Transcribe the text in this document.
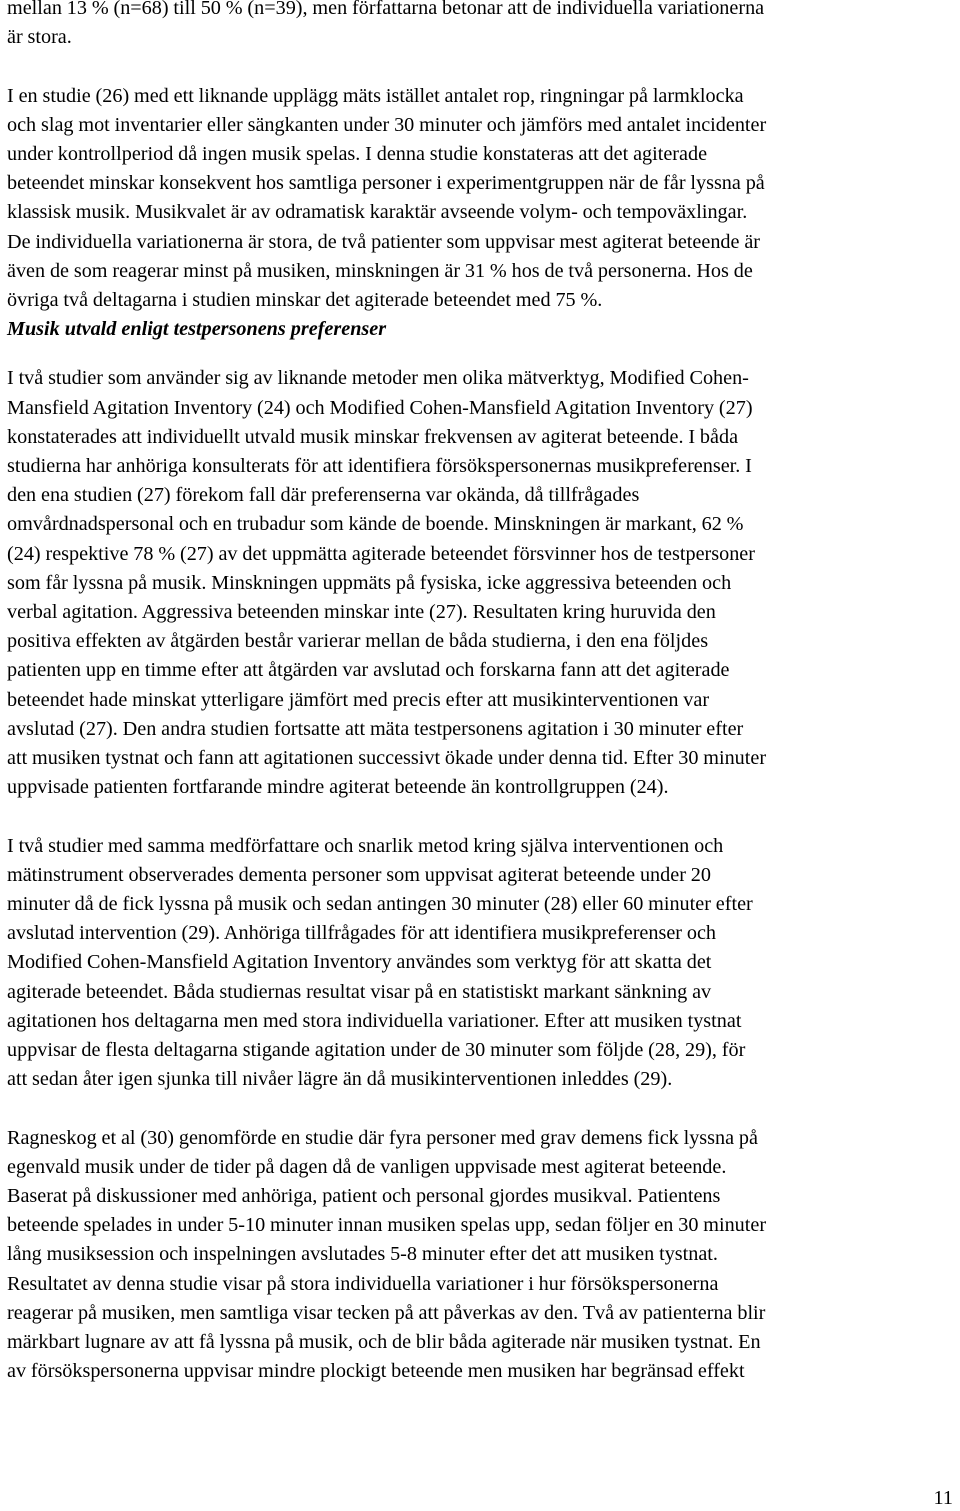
mellan 13 % (n=68) till 50 % (n=39), men författarna betonar att de individuella variationerna
är stora.

I en studie (26) med ett liknande upplägg mäts istället antalet rop, ringningar på larmklocka
och slag mot inventarier eller sängkanten under 30 minuter och jämförs med antalet incidenter
under kontrollperiod då ingen musik spelas. I denna studie konstateras att det agiterade
beteendet minskar konsekvent hos samtliga personer i experimentgruppen när de får lyssna på
klassisk musik. Musikvalet är av odramatisk karaktär avseende volym- och tempoväxlingar.
De individuella variationerna är stora, de två patienter som uppvisar mest agiterat beteende är
även de som reagerar minst på musiken, minskningen är 31 % hos de två personerna. Hos de
övriga två deltagarna i studien minskar det agiterade beteendet med 75 %.

Musik utvald enligt testpersonens preferenser

I två studier som använder sig av liknande metoder men olika mätverktyg, Modified Cohen-
Mansfield Agitation Inventory (24) och Modified Cohen-Mansfield Agitation Inventory (27)
konstaterades att individuellt utvald musik minskar frekvensen av agiterat beteende. I båda
studierna har anhöriga konsulterats för att identifiera försökspersonernas musikpreferenser. I
den ena studien (27) förekom fall där preferenserna var okända, då tillfrågades
omvårdnadspersonal och en trubadur som kände de boende. Minskningen är markant, 62 %
(24) respektive 78 % (27) av det uppmätta agiterade beteendet försvinner hos de testpersoner
som får lyssna på musik. Minskningen uppmäts på fysiska, icke aggressiva beteenden och
verbal agitation. Aggressiva beteenden minskar inte (27). Resultaten kring huruvida den
positiva effekten av åtgärden består varierar mellan de båda studierna, i den ena följdes
patienten upp en timme efter att åtgärden var avslutad och forskarna fann att det agiterade
beteendet hade minskat ytterligare jämfört med precis efter att musikinterventionen var
avslutad (27). Den andra studien fortsatte att mäta testpersonens agitation i 30 minuter efter
att musiken tystnat och fann att agitationen successivt ökade under denna tid. Efter 30 minuter
uppvisade patienten fortfarande mindre agiterat beteende än kontrollgruppen (24).

I två studier med samma medförfattare och snarlik metod kring själva interventionen och
mätinstrument observerades dementa personer som uppvisat agiterat beteende under 20
minuter då de fick lyssna på musik och sedan antingen 30 minuter (28) eller 60 minuter efter
avslutad intervention (29). Anhöriga tillfrågades för att identifiera musikpreferenser och
Modified Cohen-Mansfield Agitation Inventory användes som verktyg för att skatta det
agiterade beteendet. Båda studiernas resultat visar på en statistiskt markant sänkning av
agitationen hos deltagarna men med stora individuella variationer. Efter att musiken tystnat
uppvisar de flesta deltagarna stigande agitation under de 30 minuter som följde (28, 29), för
att sedan åter igen sjunka till nivåer lägre än då musikinterventionen inleddes (29).

Ragneskog et al (30) genomförde en studie där fyra personer med grav demens fick lyssna på
egenvald musik under de tider på dagen då de vanligen uppvisade mest agiterat beteende.
Baserat på diskussioner med anhöriga, patient och personal gjordes musikval. Patientens
beteende spelades in under 5-10 minuter innan musiken spelas upp, sedan följer en 30 minuter
lång musiksession och inspelningen avslutades 5-8 minuter efter det att musiken tystnat.
Resultatet av denna studie visar på stora individuella variationer i hur försökspersonerna
reagerar på musiken, men samtliga visar tecken på att påverkas av den. Två av patienterna blir
märkbart lugnare av att få lyssna på musik, och de blir båda agiterade när musiken tystnat. En
av försökspersonerna uppvisar mindre plockigt beteende men musiken har begränsad effekt

11
